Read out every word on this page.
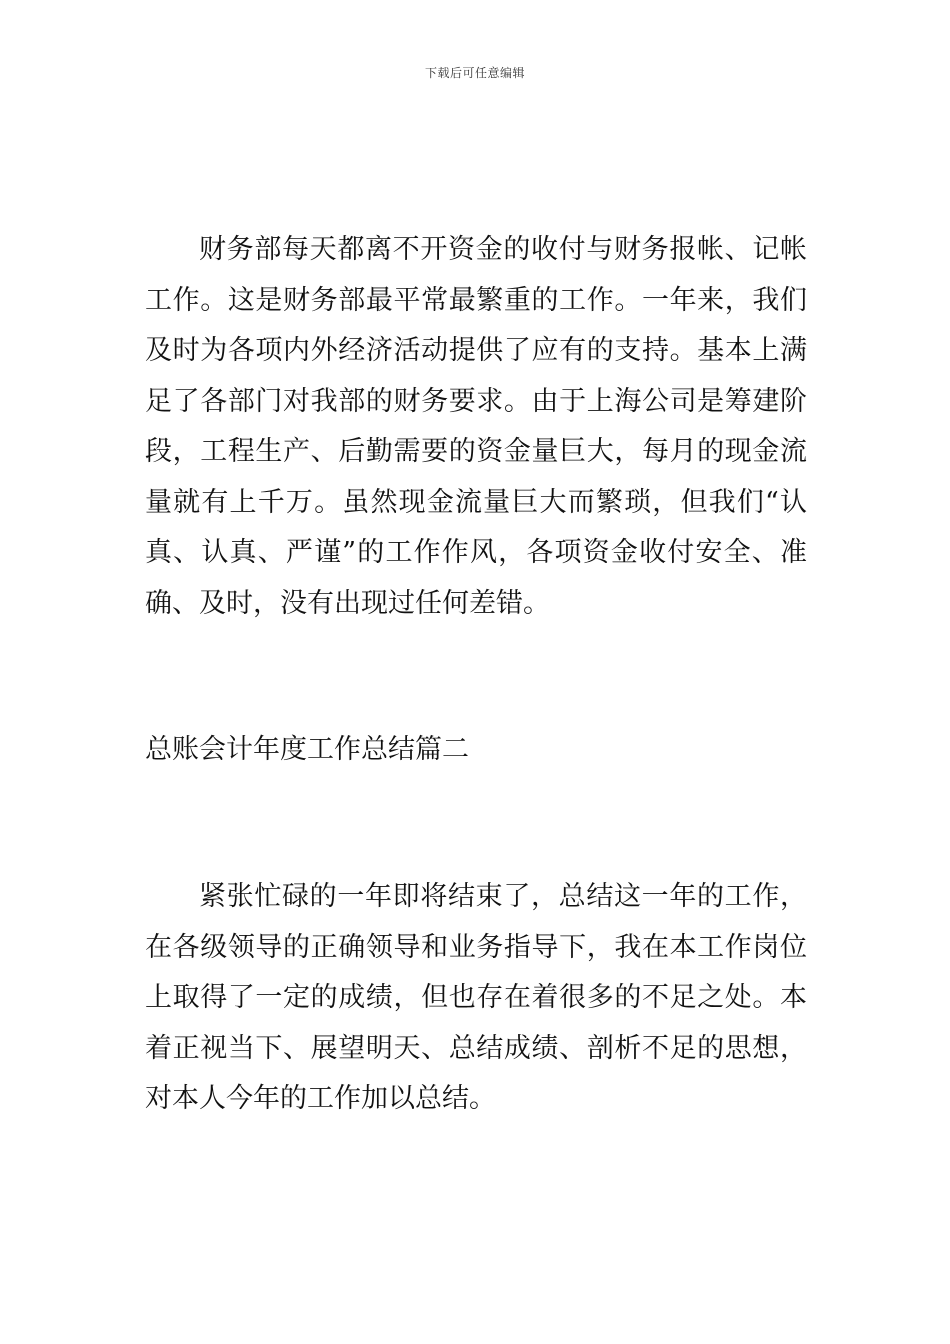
下载后可任意编辑

财务部每天都离不开资金的收付与财务报帐、记帐工作。这是财务部最平常最繁重的工作。一年来，我们及时为各项内外经济活动提供了应有的支持。基本上满足了各部门对我部的财务要求。由于上海公司是筹建阶段，工程生产、后勤需要的资金量巨大，每月的现金流量就有上千万。虽然现金流量巨大而繁琐，但我们“认真、认真、严谨”的工作作风，各项资金收付安全、准确、及时，没有出现过任何差错。

总账会计年度工作总结篇二

紧张忙碌的一年即将结束了，总结这一年的工作，在各级领导的正确领导和业务指导下，我在本工作岗位上取得了一定的成绩，但也存在着很多的不足之处。本着正视当下、展望明天、总结成绩、剖析不足的思想，对本人今年的工作加以总结。
